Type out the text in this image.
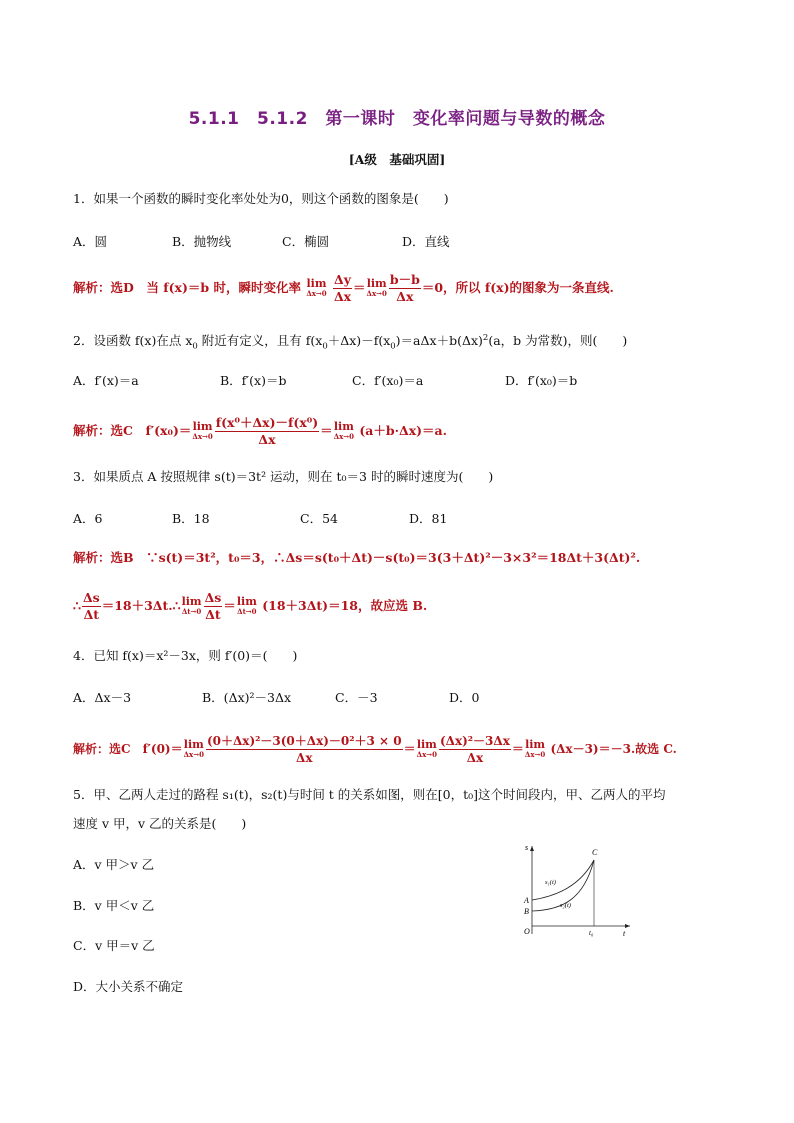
5.1.1　5.1.2　第一课时　变化率问题与导数的概念
[A级　基础巩固]
1．如果一个函数的瞬时变化率处处为0，则这个函数的图象是(　　)
A．圆	B．抛物线	C．椭圆	D．直线
解析：选D　当 f(x)＝b 时，瞬时变化率 lim
Δx→0
$\frac{\Delta y}{\Delta x} = \lim$
$\Delta x\to 0 \frac{b-b}{\Delta x} =0$，所以 f(x)的图象为一条直线.
2．设函数 f(x)在点 $x_0$ 附近有定义，且有 $f(x_0+\Delta x)-f(x_0)=a\Delta x+b(\Delta x)^2(a$，b 为常数)，则(　　)
A．f′(x)＝a	B．f′(x)＝b	C．f′(x₀)＝a	D．f′(x₀)＝b
解析：选C　f′(x₀)＝ lim
$\Delta x\to 0 \frac{\text{f(x⁰＋Δx)－f(x⁰)}}{\Delta x} = \lim$
Δx→0 (a＋b·Δx)＝a.
3．如果质点 A 按照规律 s(t)＝3t² 运动，则在 t₀＝3 时的瞬时速度为(　　)
A．6	B．18	C．54	D．81
解析：选B　∵s(t)＝3t²，t₀＝3，∴Δs＝s(t₀＋Δt)－s(t₀)＝3(3＋Δt)²－3×3²＝18Δt＋3(Δt)².
∴ $\frac{\Delta s}{\Delta t}$ ＝18＋3Δt.∴ lim
$\Delta t\to 0 \frac{\Delta s}{\Delta t} = \lim$
Δt→0 (18＋3Δt)＝18，故应选 B.
4．已知 f(x)＝x²－3x，则 f′(0)＝(　　)
A．Δx－3	B．(Δx)²－3Δx	C．－3	D．0
解析：选C　f′(0)＝ lim
$\Delta x\to 0 \frac{\text{(0＋Δx)²－3(0＋Δx)－0²＋3 × 0}}{\Delta x} = \lim$
$\Delta x\to 0 \frac{\text{(Δx)²－3Δx}}{\Delta x} = \lim$
Δx→0 (Δx－3)＝－3.故选 C.
5．甲、乙两人走过的路程 s₁(t)，s₂(t)与时间 t 的关系如图，则在[0，t₀]这个时间段内，甲、乙两人的平均
速度 v 甲，v 乙的关系是(　　)
A．v 甲＞v 乙
B．v 甲＜v 乙
C．v 甲＝v 乙
D．大小关系不确定
s
t
O
A
B
C
t₀
s₁(t)
s₂(t)
